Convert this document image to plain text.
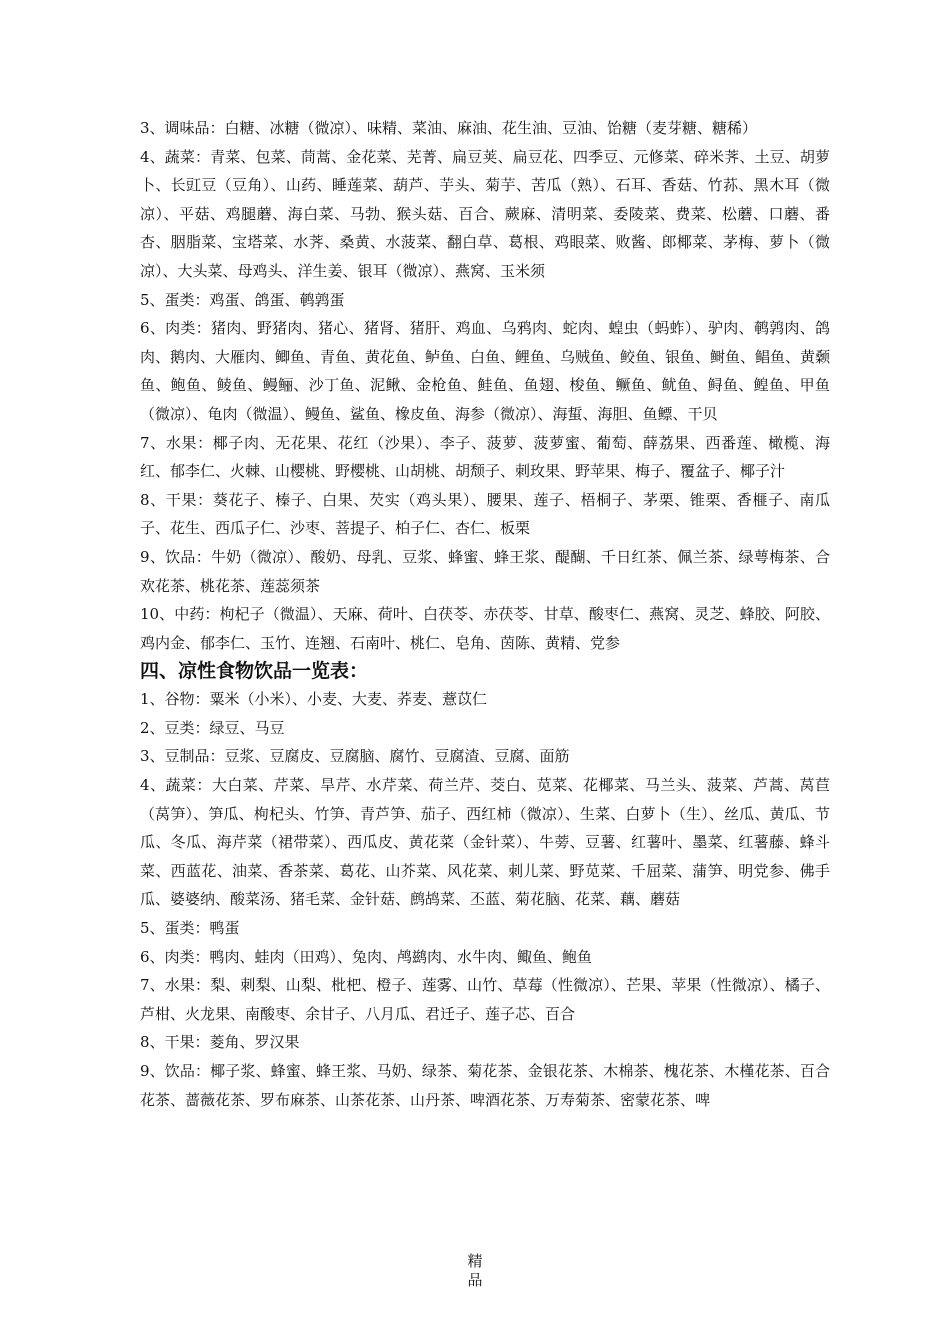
3、调味品：白糖、冰糖（微凉）、味精、菜油、麻油、花生油、豆油、饴糖（麦芽糖、糖稀）

4、蔬菜：青菜、包菜、茼蒿、金花菜、芜菁、扁豆荚、扁豆花、四季豆、元修菜、碎米荠、土豆、胡萝卜、长豇豆（豆角）、山药、睡莲菜、葫芦、芋头、菊芋、苦瓜（熟）、石耳、香菇、竹荪、黑木耳（微凉）、平菇、鸡腿蘑、海白菜、马勃、猴头菇、百合、蕨麻、清明菜、委陵菜、费菜、松蘑、口蘑、番杏、胭脂菜、宝塔菜、水荠、桑黄、水菠菜、翻白草、葛根、鸡眼菜、败酱、郎椰菜、茅梅、萝卜（微凉）、大头菜、母鸡头、洋生姜、银耳（微凉）、燕窝、玉米须

5、蛋类：鸡蛋、鸽蛋、鹌鹑蛋

6、肉类：猪肉、野猪肉、猪心、猪肾、猪肝、鸡血、乌鸦肉、蛇肉、蝗虫（蚂蚱）、驴肉、鹌鹑肉、鸽肉、鹅肉、大雁肉、鲫鱼、青鱼、黄花鱼、鲈鱼、白鱼、鲤鱼、乌贼鱼、鲛鱼、银鱼、鲥鱼、鲳鱼、黄颡鱼、鲍鱼、鲮鱼、鳗鲡、沙丁鱼、泥鳅、金枪鱼、鲑鱼、鱼翅、梭鱼、鳜鱼、鱿鱼、鲟鱼、鳇鱼、甲鱼（微凉）、龟肉（微温）、鳗鱼、鲨鱼、橡皮鱼、海参（微凉）、海蜇、海胆、鱼鳔、干贝

7、水果：椰子肉、无花果、花红（沙果）、李子、菠萝、菠萝蜜、葡萄、薛荔果、西番莲、橄榄、海红、郁李仁、火棘、山樱桃、野樱桃、山胡桃、胡颓子、刺玫果、野苹果、梅子、覆盆子、椰子汁

8、干果：葵花子、榛子、白果、芡实（鸡头果）、腰果、莲子、梧桐子、茅栗、锥栗、香榧子、南瓜子、花生、西瓜子仁、沙枣、菩提子、柏子仁、杏仁、板栗

9、饮品：牛奶（微凉）、酸奶、母乳、豆浆、蜂蜜、蜂王浆、醍醐、千日红茶、佩兰茶、绿萼梅茶、合欢花茶、桃花茶、莲蕊须茶

10、中药：枸杞子（微温）、天麻、荷叶、白茯苓、赤茯苓、甘草、酸枣仁、燕窝、灵芝、蜂胶、阿胶、鸡内金、郁李仁、玉竹、连翘、石南叶、桃仁、皂角、茵陈、黄精、党参

四、凉性食物饮品一览表：

1、谷物：粟米（小米）、小麦、大麦、荞麦、薏苡仁

2、豆类：绿豆、马豆

3、豆制品：豆浆、豆腐皮、豆腐脑、腐竹、豆腐渣、豆腐、面筋

4、蔬菜：大白菜、芹菜、旱芹、水芹菜、荷兰芹、茭白、苋菜、花椰菜、马兰头、菠菜、芦蒿、莴苣（莴笋）、笋瓜、枸杞头、竹笋、青芦笋、茄子、西红柿（微凉）、生菜、白萝卜（生）、丝瓜、黄瓜、节瓜、冬瓜、海芹菜（裙带菜）、西瓜皮、黄花菜（金针菜）、牛蒡、豆薯、红薯叶、墨菜、红薯藤、蜂斗菜、西蓝花、油菜、香茶菜、葛花、山芥菜、风花菜、刺儿菜、野苋菜、千屈菜、蒲笋、明党参、佛手瓜、婆婆纳、酸菜汤、猪毛菜、金针菇、鹧鸪菜、丕蓝、菊花脑、花菜、藕、蘑菇

5、蛋类：鸭蛋

6、肉类：鸭肉、蛙肉（田鸡）、兔肉、鸬鹚肉、水牛肉、鲰鱼、鲍鱼

7、水果：梨、刺梨、山梨、枇杷、橙子、莲雾、山竹、草莓（性微凉）、芒果、苹果（性微凉）、橘子、芦柑、火龙果、南酸枣、余甘子、八月瓜、君迁子、莲子芯、百合

8、干果：菱角、罗汉果

9、饮品：椰子浆、蜂蜜、蜂王浆、马奶、绿茶、菊花茶、金银花茶、木棉茶、槐花茶、木槿花茶、百合花茶、蔷薇花茶、罗布麻茶、山茶花茶、山丹茶、啤酒花茶、万寿菊茶、密蒙花茶、啤

精
品
